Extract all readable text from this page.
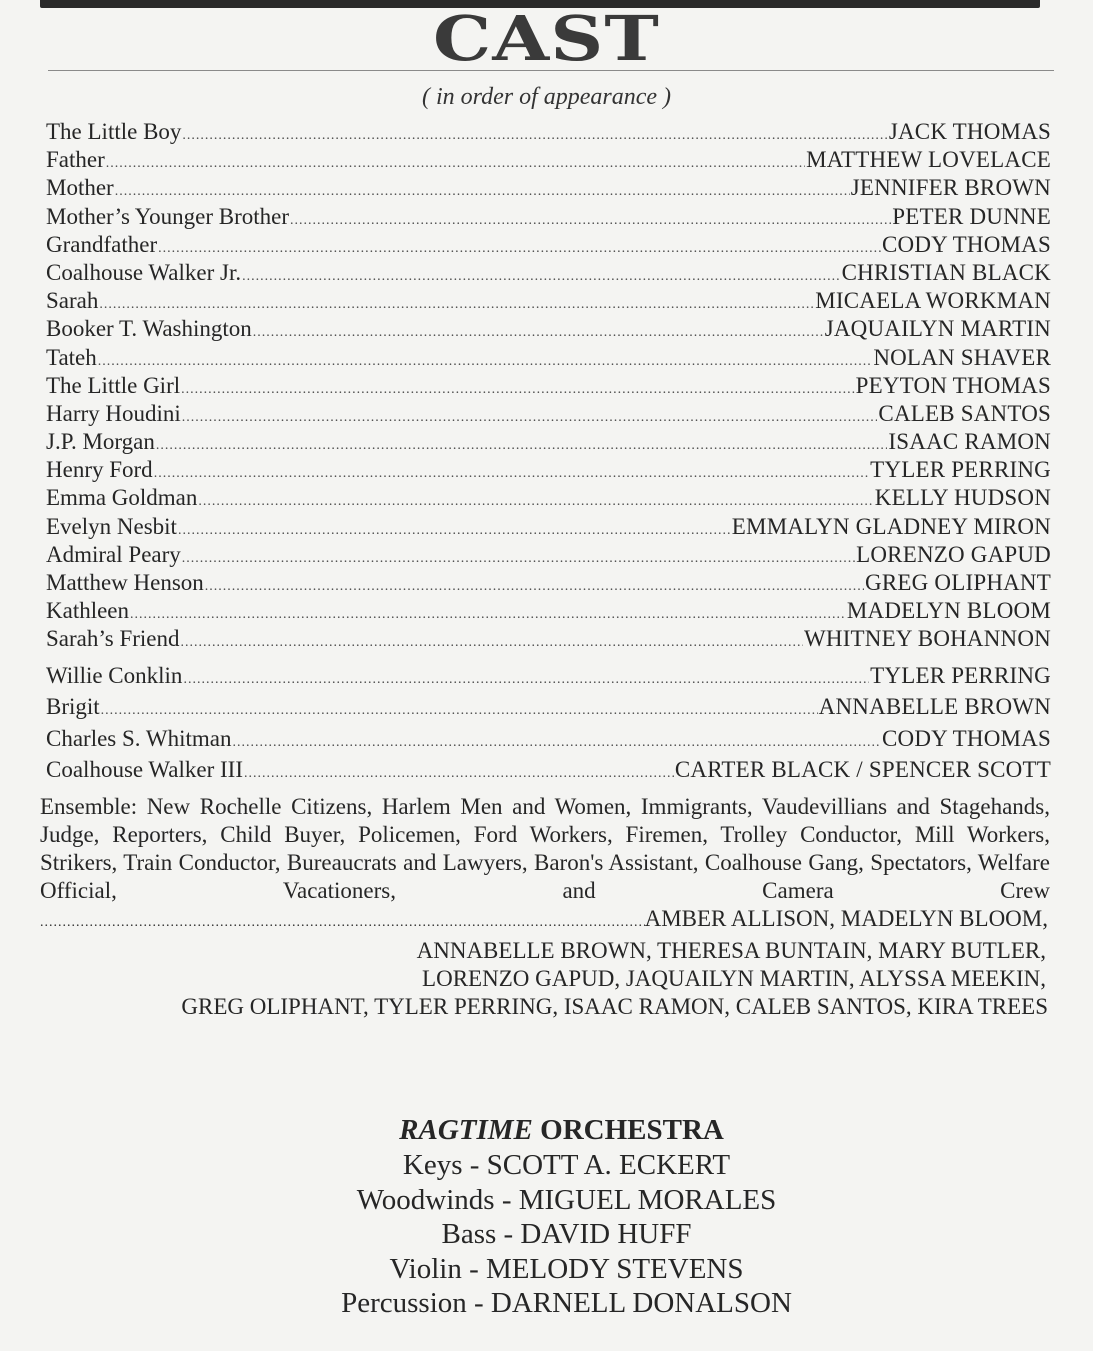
CAST
( in order of appearance )
The Little Boy .....	JACK THOMAS
Father .....	MATTHEW LOVELACE
Mother .....	JENNIFER BROWN
Mother’s Younger Brother .....	PETER DUNNE
Grandfather .....	CODY THOMAS
Coalhouse Walker Jr. .....	CHRISTIAN BLACK
Sarah .....	MICAELA WORKMAN
Booker T. Washington .....	JAQUAILYN MARTIN
Tateh .....	NOLAN SHAVER
The Little Girl .....	PEYTON THOMAS
Harry Houdini .....	CALEB SANTOS
J.P. Morgan .....	ISAAC RAMON
Henry Ford .....	TYLER PERRING
Emma Goldman .....	KELLY HUDSON
Evelyn Nesbit .....	EMMALYN GLADNEY MIRON
Admiral Peary .....	LORENZO GAPUD
Matthew Henson .....	GREG OLIPHANT
Kathleen .....	MADELYN BLOOM
Sarah’s Friend .....	WHITNEY BOHANNON
Willie Conklin .....	TYLER PERRING
Brigit .....	ANNABELLE BROWN
Charles S. Whitman .....	CODY THOMAS
Coalhouse Walker III .....	CARTER BLACK / SPENCER SCOTT
Ensemble: New Rochelle Citizens, Harlem Men and Women, Immigrants, Vaudevillians and Stagehands, Judge, Reporters, Child Buyer, Policemen, Ford Workers, Firemen, Trolley Conductor, Mill Workers, Strikers, Train Conductor, Bureaucrats and Lawyers, Baron's Assistant, Coalhouse Gang, Spectators, Welfare Official, Vacationers, and Camera Crew
.....
AMBER ALLISON, MADELYN BLOOM,
ANNABELLE BROWN, THERESA BUNTAIN, MARY BUTLER,
LORENZO GAPUD, JAQUAILYN MARTIN, ALYSSA MEEKIN,
GREG OLIPHANT, TYLER PERRING, ISAAC RAMON, CALEB SANTOS, KIRA TREES
RAGTIME ORCHESTRA
Keys - SCOTT A. ECKERT
Woodwinds - MIGUEL MORALES
Bass - DAVID HUFF
Violin - MELODY STEVENS
Percussion - DARNELL DONALSON
